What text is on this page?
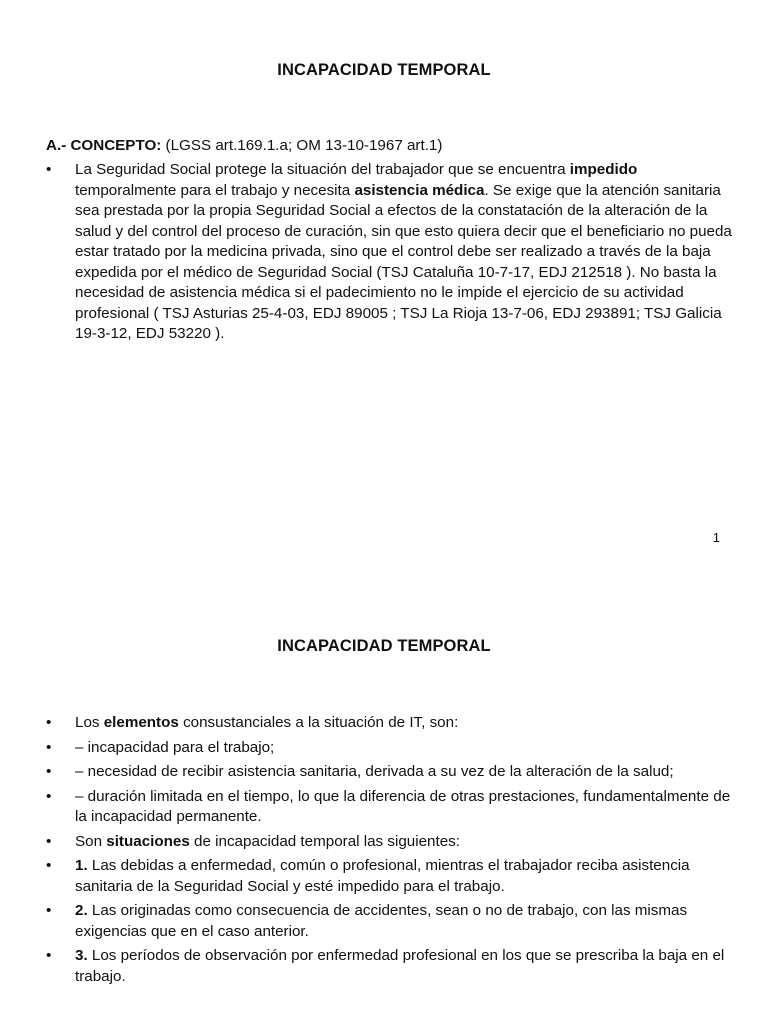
INCAPACIDAD TEMPORAL
A.- CONCEPTO: (LGSS art.169.1.a; OM 13-10-1967 art.1)
•	La Seguridad Social protege la situación del trabajador que se encuentra impedido temporalmente para el trabajo y necesita asistencia médica. Se exige que la atención sanitaria sea prestada por la propia Seguridad Social a efectos de la constatación de la alteración de la salud y del control del proceso de curación, sin que esto quiera decir que el beneficiario no pueda estar tratado por la medicina privada, sino que el control debe ser realizado a través de la baja expedida por el médico de Seguridad Social (TSJ Cataluña 10-7-17, EDJ 212518 ). No basta la necesidad de asistencia médica si el padecimiento no le impide el ejercicio de su actividad profesional ( TSJ Asturias 25-4-03, EDJ 89005 ; TSJ La Rioja 13-7-06, EDJ 293891; TSJ Galicia 19-3-12, EDJ 53220 ).
1
INCAPACIDAD TEMPORAL
•	Los elementos consustanciales a la situación de IT, son:
•	– incapacidad para el trabajo;
•	– necesidad de recibir asistencia sanitaria, derivada a su vez de la alteración de la salud;
•	– duración limitada en el tiempo, lo que la diferencia de otras prestaciones, fundamentalmente de la incapacidad permanente.
•	Son situaciones de incapacidad temporal las siguientes:
•	1. Las debidas a enfermedad, común o profesional, mientras el trabajador reciba asistencia sanitaria de la Seguridad Social y esté impedido para el trabajo.
•	2. Las originadas como consecuencia de accidentes, sean o no de trabajo, con las mismas exigencias que en el caso anterior.
•	3. Los períodos de observación por enfermedad profesional en los que se prescriba la baja en el trabajo.
